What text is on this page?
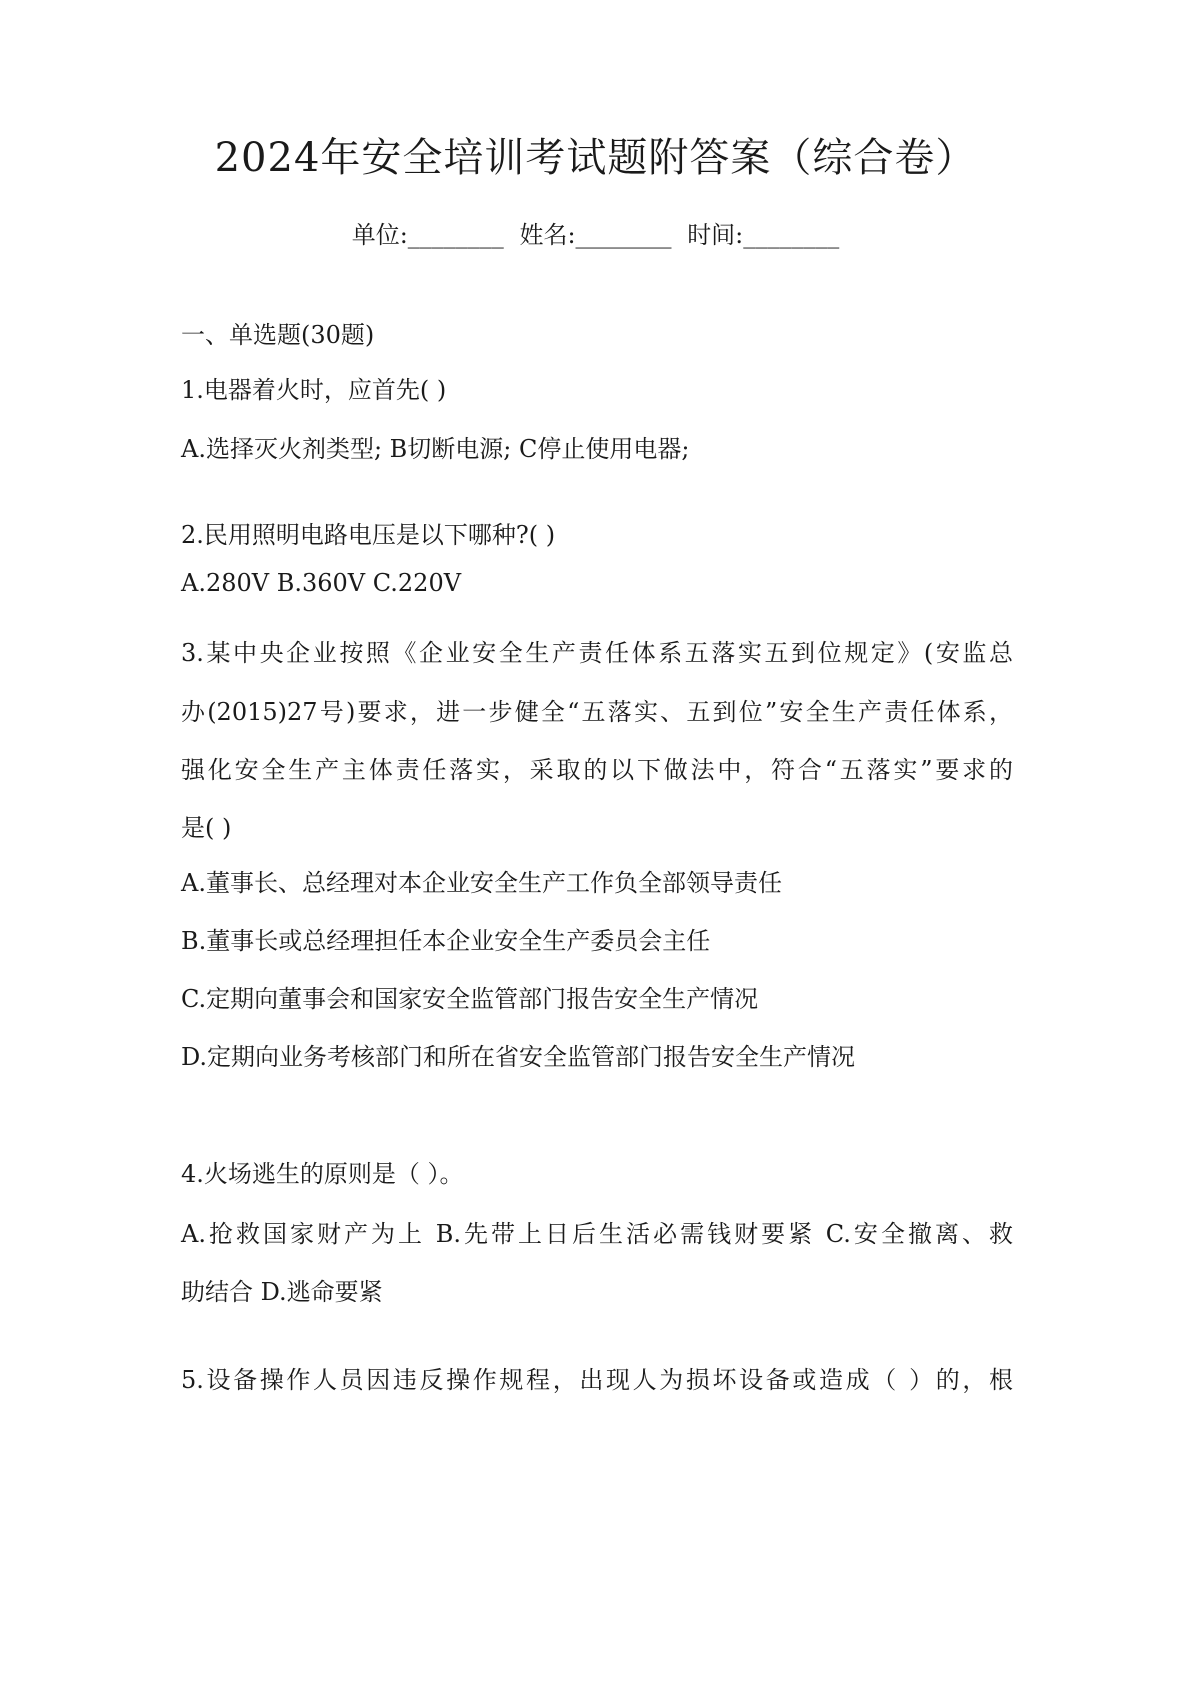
2024年安全培训考试题附答案（综合卷）
单位:________ 姓名:________ 时间:________
一、单选题(30题)
1.电器着火时，应首先( )
A.选择灭火剂类型; B切断电源; C停止使用电器;
2.民用照明电路电压是以下哪种?( )
A.280V B.360V C.220V
3.某中央企业按照《企业安全生产责任体系五落实五到位规定》(安监总
办(2015)27号)要求，进一步健全“五落实、五到位”安全生产责任体系，
强化安全生产主体责任落实，采取的以下做法中，符合“五落实”要求的
是( )
A.董事长、总经理对本企业安全生产工作负全部领导责任
B.董事长或总经理担任本企业安全生产委员会主任
C.定期向董事会和国家安全监管部门报告安全生产情况
D.定期向业务考核部门和所在省安全监管部门报告安全生产情况
4.火场逃生的原则是（ ）。
A.抢救国家财产为上 B.先带上日后生活必需钱财要紧 C.安全撤离、救
助结合 D.逃命要紧
5.设备操作人员因违反操作规程，出现人为损坏设备或造成（ ）的，根
